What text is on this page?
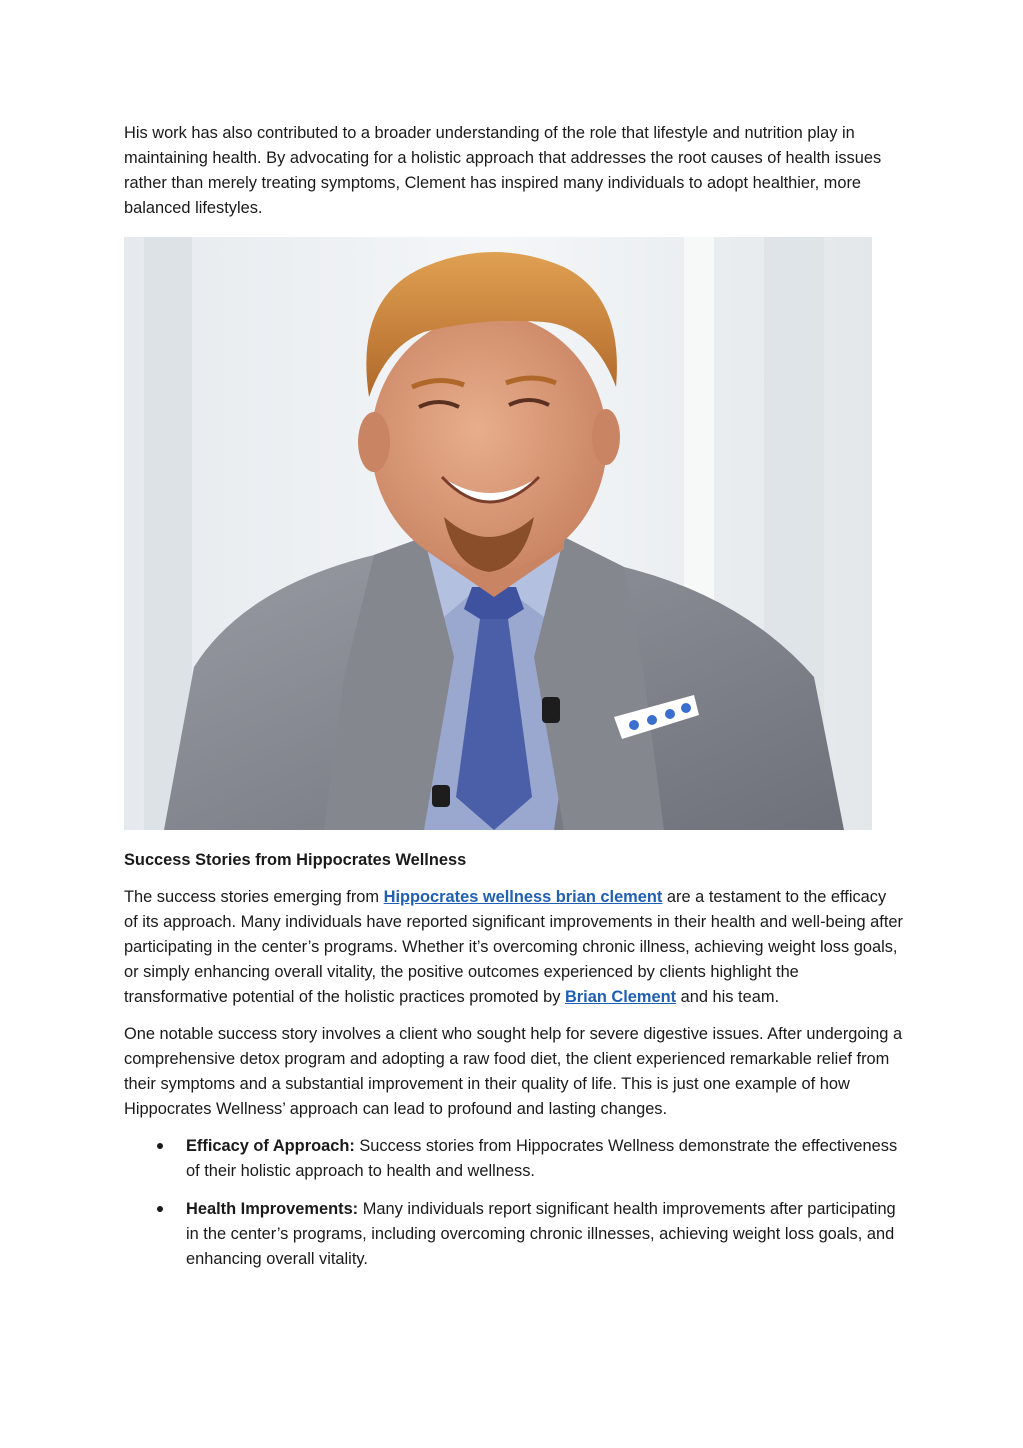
His work has also contributed to a broader understanding of the role that lifestyle and nutrition play in maintaining health. By advocating for a holistic approach that addresses the root causes of health issues rather than merely treating symptoms, Clement has inspired many individuals to adopt healthier, more balanced lifestyles.

Success Stories from Hippocrates Wellness

The success stories emerging from Hippocrates wellness brian clement are a testament to the efficacy of its approach. Many individuals have reported significant improvements in their health and well-being after participating in the center’s programs. Whether it’s overcoming chronic illness, achieving weight loss goals, or simply enhancing overall vitality, the positive outcomes experienced by clients highlight the transformative potential of the holistic practices promoted by Brian Clement and his team.

One notable success story involves a client who sought help for severe digestive issues. After undergoing a comprehensive detox program and adopting a raw food diet, the client experienced remarkable relief from their symptoms and a substantial improvement in their quality of life. This is just one example of how Hippocrates Wellness’ approach can lead to profound and lasting changes.

Efficacy of Approach: Success stories from Hippocrates Wellness demonstrate the effectiveness of their holistic approach to health and wellness.
Health Improvements: Many individuals report significant health improvements after participating in the center’s programs, including overcoming chronic illnesses, achieving weight loss goals, and enhancing overall vitality.
